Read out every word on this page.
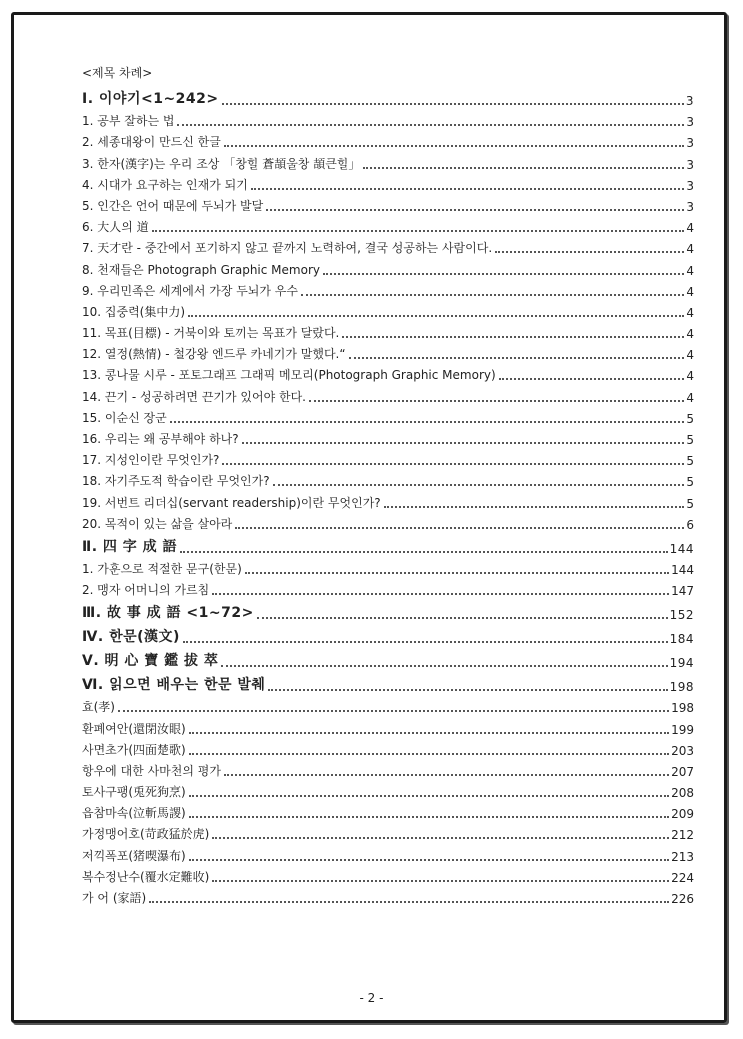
<제목 차례>
Ⅰ. 이야기<1~242>	3
1. 공부 잘하는 법	3
2. 세종대왕이 만드신 한글	3
3. 한자(漢字)는 우리 조상 「창힐 蒼頡울창 頡큰힐」	3
4. 시대가 요구하는 인재가 되기	3
5. 인간은 언어 때문에 두뇌가 발달	3
6. 大人의 道	4
7. 天才란 - 중간에서 포기하지 않고 끝까지 노력하여, 결국 성공하는 사람이다.	4
8. 천재들은 Photograph Graphic Memory	4
9. 우리민족은 세계에서 가장 두뇌가 우수	4
10. 집중력(集中力)	4
11. 목표(目標) - 거북이와 토끼는 목표가 달랐다.	4
12. 열정(熱情) - 철강왕 엔드루 카네기가 말했다.“	4
13. 콩나물 시루 - 포토그래프 그래픽 메모리(Photograph Graphic Memory)	4
14. 끈기 - 성공하려면 끈기가 있어야 한다.	4
15. 이순신 장군	5
16. 우리는 왜 공부해야 하나?	5
17. 지성인이란 무엇인가?	5
18. 자기주도적 학습이란 무엇인가?	5
19. 서번트 리더십(servant readership)이란 무엇인가?	5
20. 목적이 있는 삶을 살아라	6
Ⅱ. 四 字 成 語	144
1. 가훈으로 적절한 문구(한문)	144
2. 맹자 어머니의 가르침	147
Ⅲ. 故 事 成 語 <1~72>	152
Ⅳ. 한문(漢文)	184
Ⅴ. 明 心 寶 鑑 拔 萃	194
Ⅵ. 읽으면 배우는 한문 발췌	198
효(孝)	198
환폐여안(還閉汝眼)	199
사면초가(四面楚歌)	203
항우에 대한 사마천의 평가	207
토사구팽(兎死狗烹)	208
읍참마속(泣斬馬謖)	209
가정맹어호(苛政猛於虎)	212
저끽폭포(猪喫瀑布)	213
복수정난수(覆水定難收)	224
가 어 (家語)	226
- 2 -
